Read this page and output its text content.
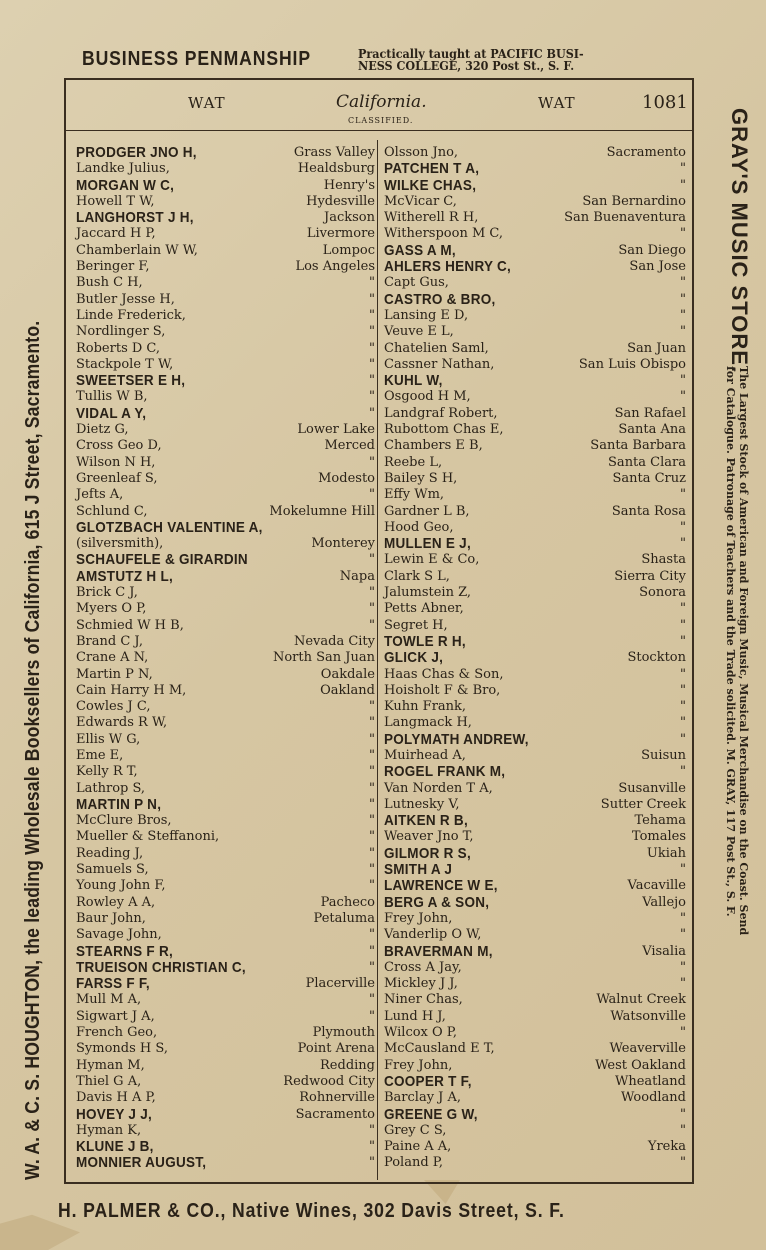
BUSINESS PENMANSHIP	Practically taught at PACIFIC BUSI-
NESS COLLEGE, 320 Post St., S. F.
WAT	California.
CLASSIFIED.
WAT	1081
PRODGER JNO H,	Grass Valley
Landke Julius,	Healdsburg
MORGAN W C,	Henry's
Howell T W,	Hydesville
LANGHORST J H,	Jackson
Jaccard H P,	Livermore
Chamberlain W W,	Lompoc
Beringer F,	Los Angeles
Bush C H,	"
Butler Jesse H,	"
Linde Frederick,	"
Nordlinger S,	"
Roberts D C,	"
Stackpole T W,	"
SWEETSER E H,	"
Tullis W B,	"
VIDAL A Y,	"
Dietz G,	Lower Lake
Cross Geo D,	Merced
Wilson N H,	"
Greenleaf S,	Modesto
Jefts A,	"
Schlund C,	Mokelumne Hill
GLOTZBACH VALENTINE A,
(silversmith),	Monterey
SCHAUFELE & GIRARDIN	"
AMSTUTZ H L,	Napa
Brick C J,	"
Myers O P,	"
Schmied W H B,	"
Brand C J,	Nevada City
Crane A N,	North San Juan
Martin P N,	Oakdale
Cain Harry H M,	Oakland
Cowles J C,	"
Edwards R W,	"
Ellis W G,	"
Eme E,	"
Kelly R T,	"
Lathrop S,	"
MARTIN P N,	"
McClure Bros,	"
Mueller & Steffanoni,	"
Reading J,	"
Samuels S,	"
Young John F,	"
Rowley A A,	Pacheco
Baur John,	Petaluma
Savage John,	"
STEARNS F R,	"
TRUEISON CHRISTIAN C,	"
FARSS F F,	Placerville
Mull M A,	"
Sigwart J A,	"
French Geo,	Plymouth
Symonds H S,	Point Arena
Hyman M,	Redding
Thiel G A,	Redwood City
Davis H A P,	Rohnerville
HOVEY J J,	Sacramento
Hyman K,	"
KLUNE J B,	"
MONNIER AUGUST,	"
Olsson Jno,	Sacramento
PATCHEN T A,	"
WILKE CHAS,	"
McVicar C,	San Bernardino
Witherell R H,	San Buenaventura
Witherspoon M C,	"
GASS A M,	San Diego
AHLERS HENRY C,	San Jose
Capt Gus,	"
CASTRO & BRO,	"
Lansing E D,	"
Veuve E L,	"
Chatelien Saml,	San Juan
Cassner Nathan,	San Luis Obispo
KUHL W,	"
Osgood H M,	"
Landgraf Robert,	San Rafael
Rubottom Chas E,	Santa Ana
Chambers E B,	Santa Barbara
Reebe L,	Santa Clara
Bailey S H,	Santa Cruz
Effy Wm,	"
Gardner L B,	Santa Rosa
Hood Geo,	"
MULLEN E J,	"
Lewin E & Co,	Shasta
Clark S L,	Sierra City
Jalumstein Z,	Sonora
Petts Abner,	"
Segret H,	"
TOWLE R H,	"
GLICK J,	Stockton
Haas Chas & Son,	"
Hoisholt F & Bro,	"
Kuhn Frank,	"
Langmack H,	"
POLYMATH ANDREW,	"
Muirhead A,	Suisun
ROGEL FRANK M,	"
Van Norden T A,	Susanville
Lutnesky V,	Sutter Creek
AITKEN R B,	Tehama
Weaver Jno T,	Tomales
GILMOR R S,	Ukiah
SMITH A J	"
LAWRENCE W E,	Vacaville
BERG A & SON,	Vallejo
Frey John,	"
Vanderlip O W,	"
BRAVERMAN M,	Visalia
Cross A Jay,	"
Mickley J J,	"
Niner Chas,	Walnut Creek
Lund H J,	Watsonville
Wilcox O P,	"
McCausland E T,	Weaverville
Frey John,	West Oakland
COOPER T F,	Wheatland
Barclay J A,	Woodland
GREENE G W,	"
Grey C S,	"
Paine A A,	Yreka
Poland P,	"
W. A. & C. S. HOUGHTON, the leading Wholesale Booksellers of California, 615 J Street, Sacramento.
GRAY'S MUSIC STORE.
The Largest Stock of American and Foreign Music, Musical Merchandise on the Coast. Send
for Catalogue. Patronage of Teachers and the Trade solicited. M. GRAY, 117 Post St., S. F.
H. PALMER & CO., Native Wines, 302 Davis Street, S. F.
